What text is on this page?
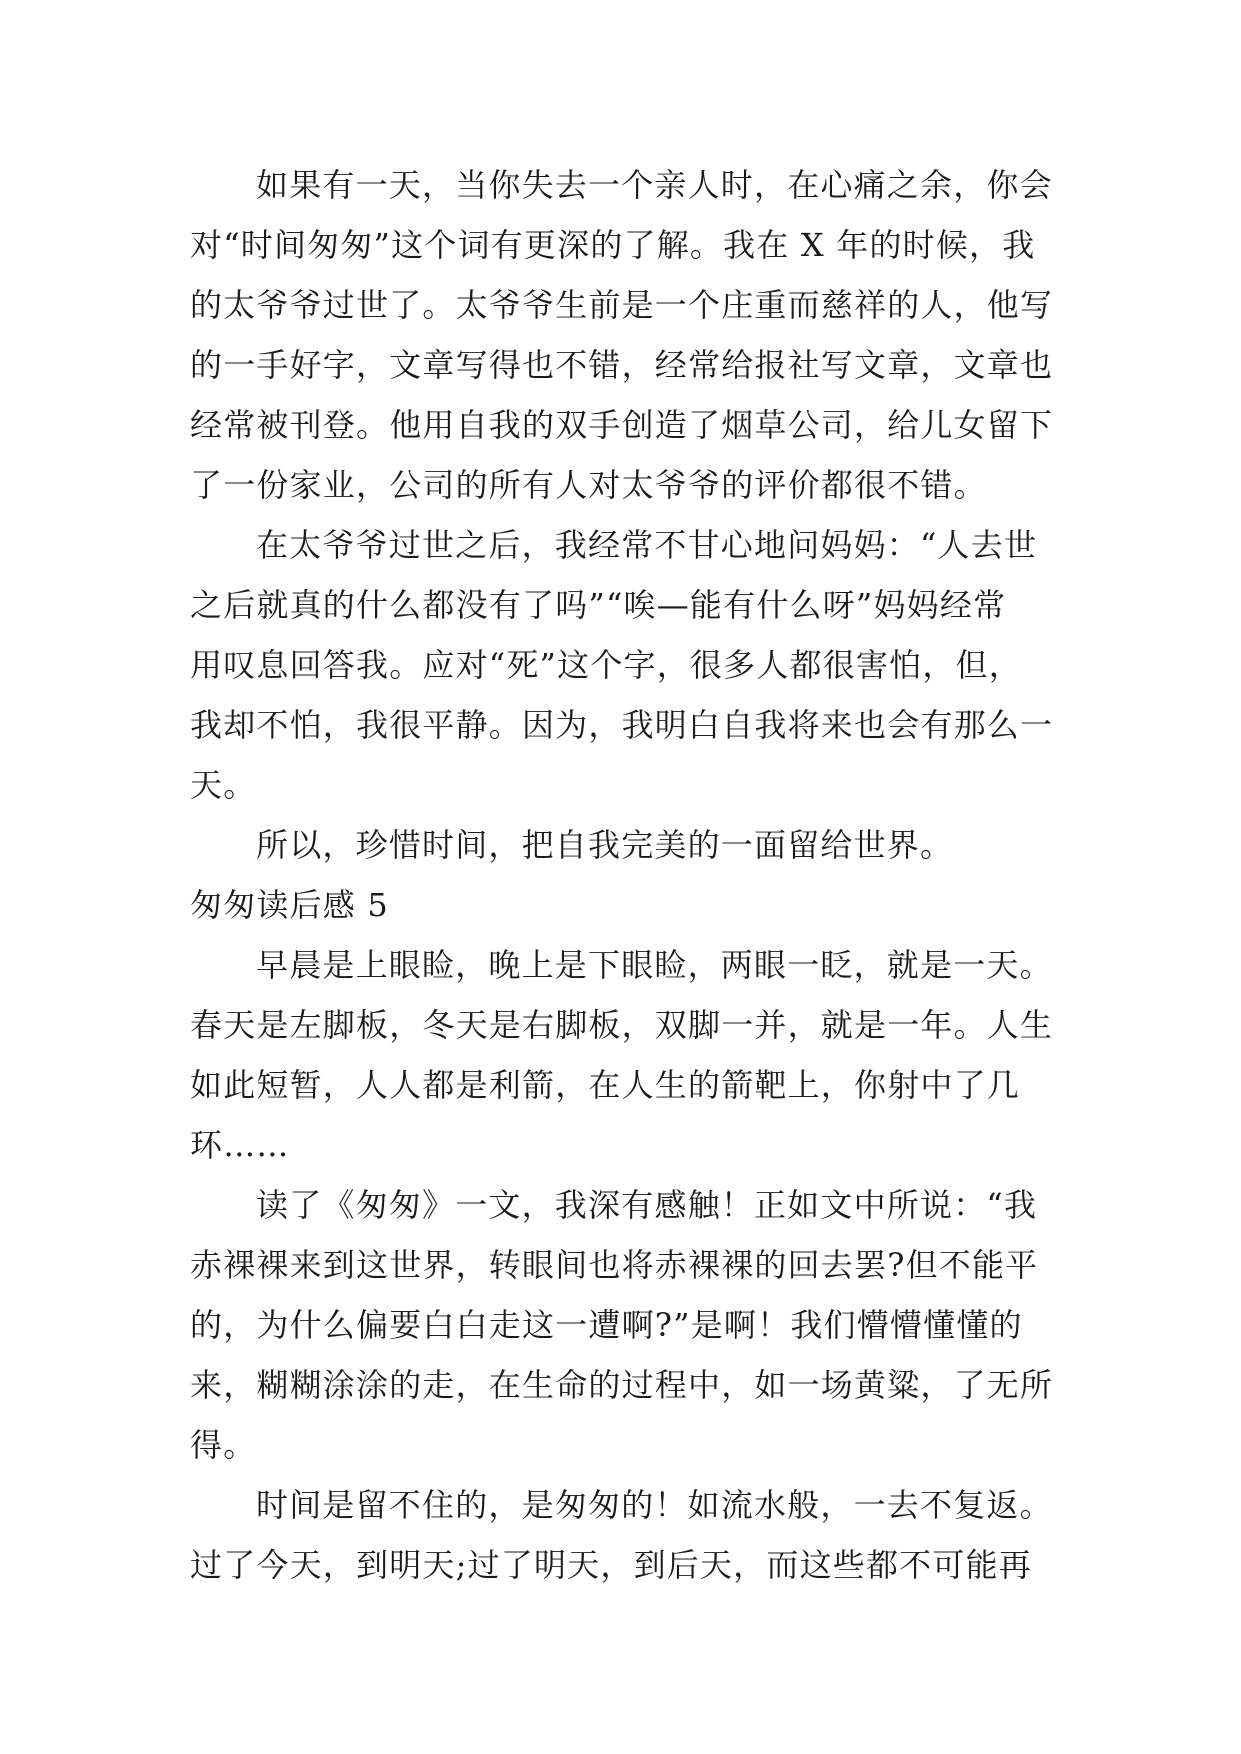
如果有一天，当你失去一个亲人时，在心痛之余，你会
对“时间匆匆”这个词有更深的了解。我在 X 年的时候，我
的太爷爷过世了。太爷爷生前是一个庄重而慈祥的人，他写
的一手好字，文章写得也不错，经常给报社写文章，文章也
经常被刊登。他用自我的双手创造了烟草公司，给儿女留下
了一份家业，公司的所有人对太爷爷的评价都很不错。
在太爷爷过世之后，我经常不甘心地问妈妈：“人去世
之后就真的什么都没有了吗”“唉—能有什么呀”妈妈经常
用叹息回答我。应对“死”这个字，很多人都很害怕，但，
我却不怕，我很平静。因为，我明白自我将来也会有那么一
天。
所以，珍惜时间，把自我完美的一面留给世界。
匆匆读后感 5
早晨是上眼睑，晚上是下眼睑，两眼一眨，就是一天。
春天是左脚板，冬天是右脚板，双脚一并，就是一年。人生
如此短暂，人人都是利箭，在人生的箭靶上，你射中了几
环……
读了《匆匆》一文，我深有感触！正如文中所说：“我
赤裸裸来到这世界，转眼间也将赤裸裸的回去罢?但不能平
的，为什么偏要白白走这一遭啊?”是啊！我们懵懵懂懂的
来，糊糊涂涂的走，在生命的过程中，如一场黄粱，了无所
得。
时间是留不住的，是匆匆的！如流水般，一去不复返。
过了今天，到明天;过了明天，到后天，而这些都不可能再
